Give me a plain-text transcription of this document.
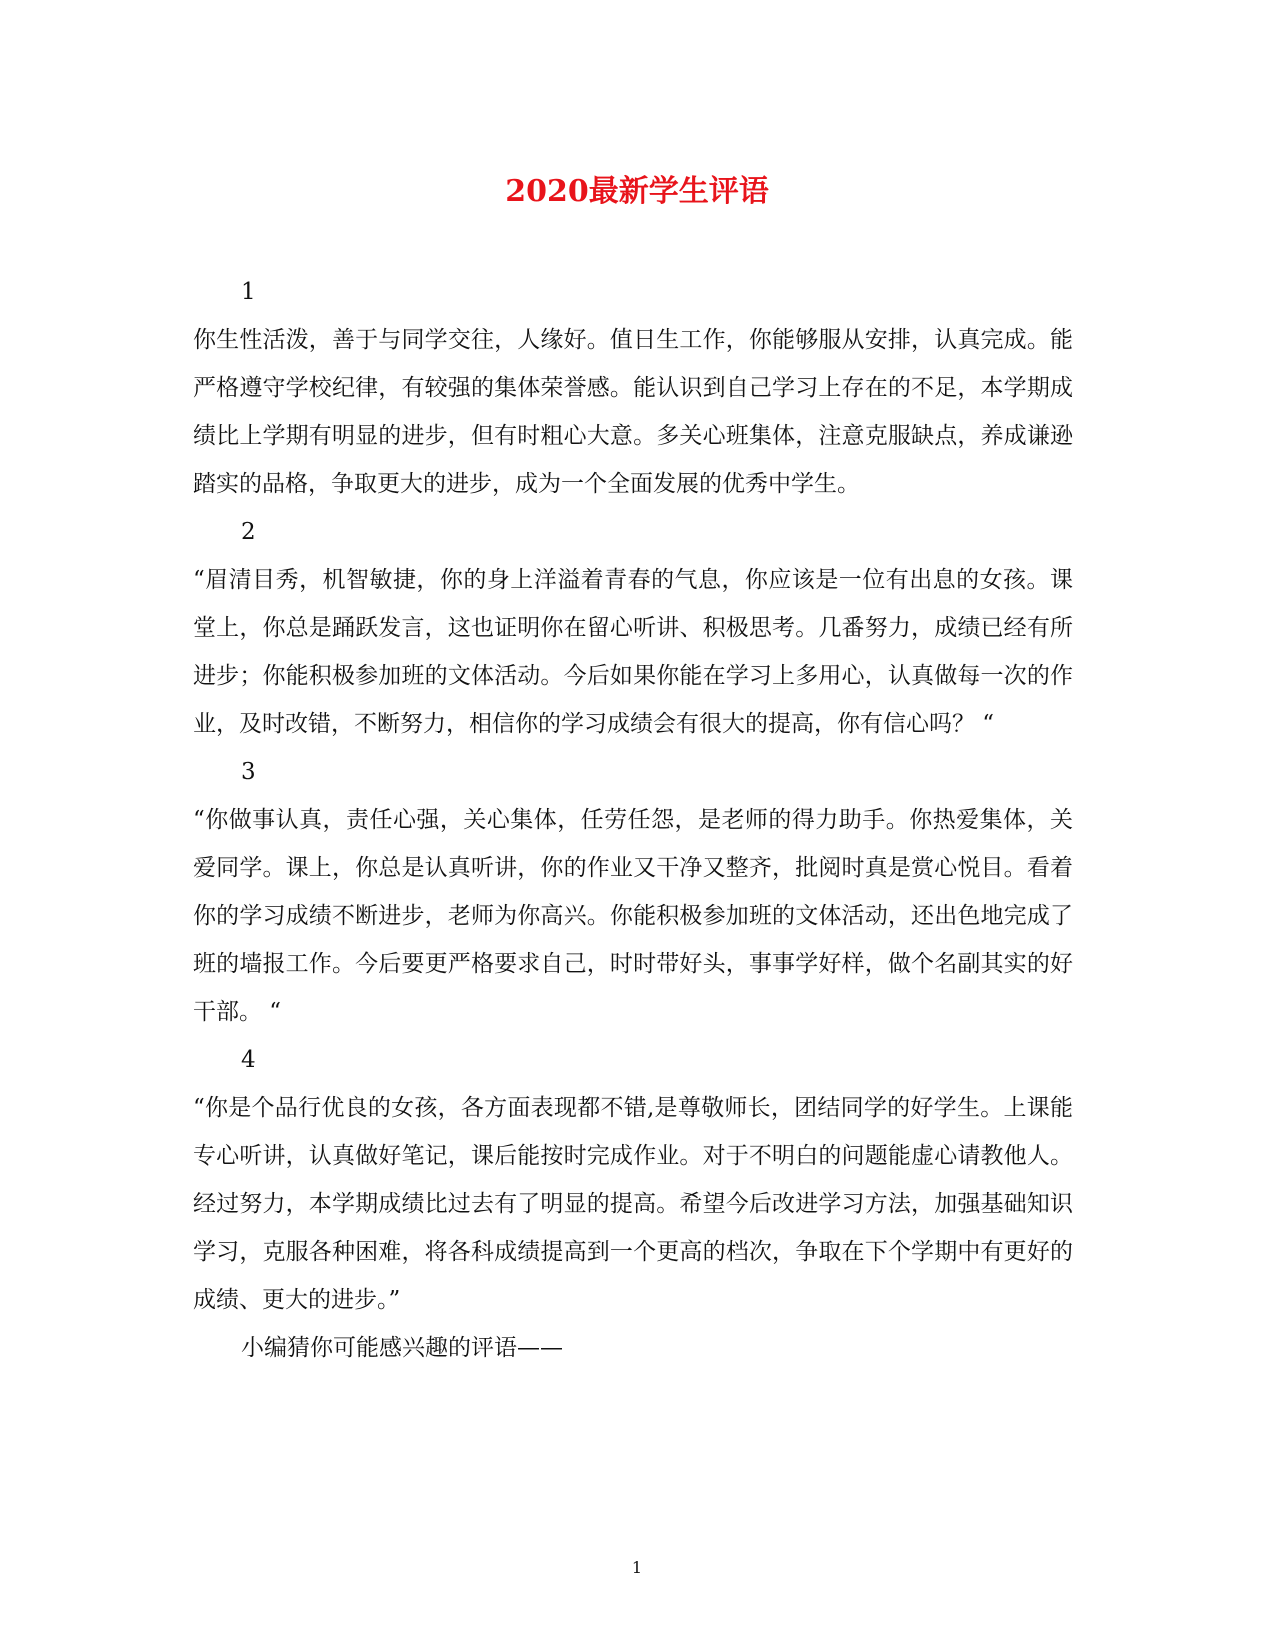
2020最新学生评语
1
你生性活泼，善于与同学交往，人缘好。值日生工作，你能够服从安排，认真完成。能严格遵守学校纪律，有较强的集体荣誉感。能认识到自己学习上存在的不足，本学期成绩比上学期有明显的进步，但有时粗心大意。多关心班集体，注意克服缺点，养成谦逊踏实的品格，争取更大的进步，成为一个全面发展的优秀中学生。
2
“眉清目秀，机智敏捷，你的身上洋溢着青春的气息，你应该是一位有出息的女孩。课堂上，你总是踊跃发言，这也证明你在留心听讲、积极思考。几番努力，成绩已经有所进步；你能积极参加班的文体活动。今后如果你能在学习上多用心，认真做每一次的作业，及时改错，不断努力，相信你的学习成绩会有很大的提高，你有信心吗？ “
3
“你做事认真，责任心强，关心集体，任劳任怨，是老师的得力助手。你热爱集体，关爱同学。课上，你总是认真听讲，你的作业又干净又整齐，批阅时真是赏心悦目。看着你的学习成绩不断进步，老师为你高兴。你能积极参加班的文体活动，还出色地完成了班的墙报工作。今后要更严格要求自己，时时带好头，事事学好样，做个名副其实的好干部。 “
4
“你是个品行优良的女孩，各方面表现都不错,是尊敬师长，团结同学的好学生。上课能专心听讲，认真做好笔记，课后能按时完成作业。对于不明白的问题能虚心请教他人。经过努力，本学期成绩比过去有了明显的提高。希望今后改进学习方法，加强基础知识学习，克服各种困难，将各科成绩提高到一个更高的档次，争取在下个学期中有更好的成绩、更大的进步。”
小编猜你可能感兴趣的评语——
1
